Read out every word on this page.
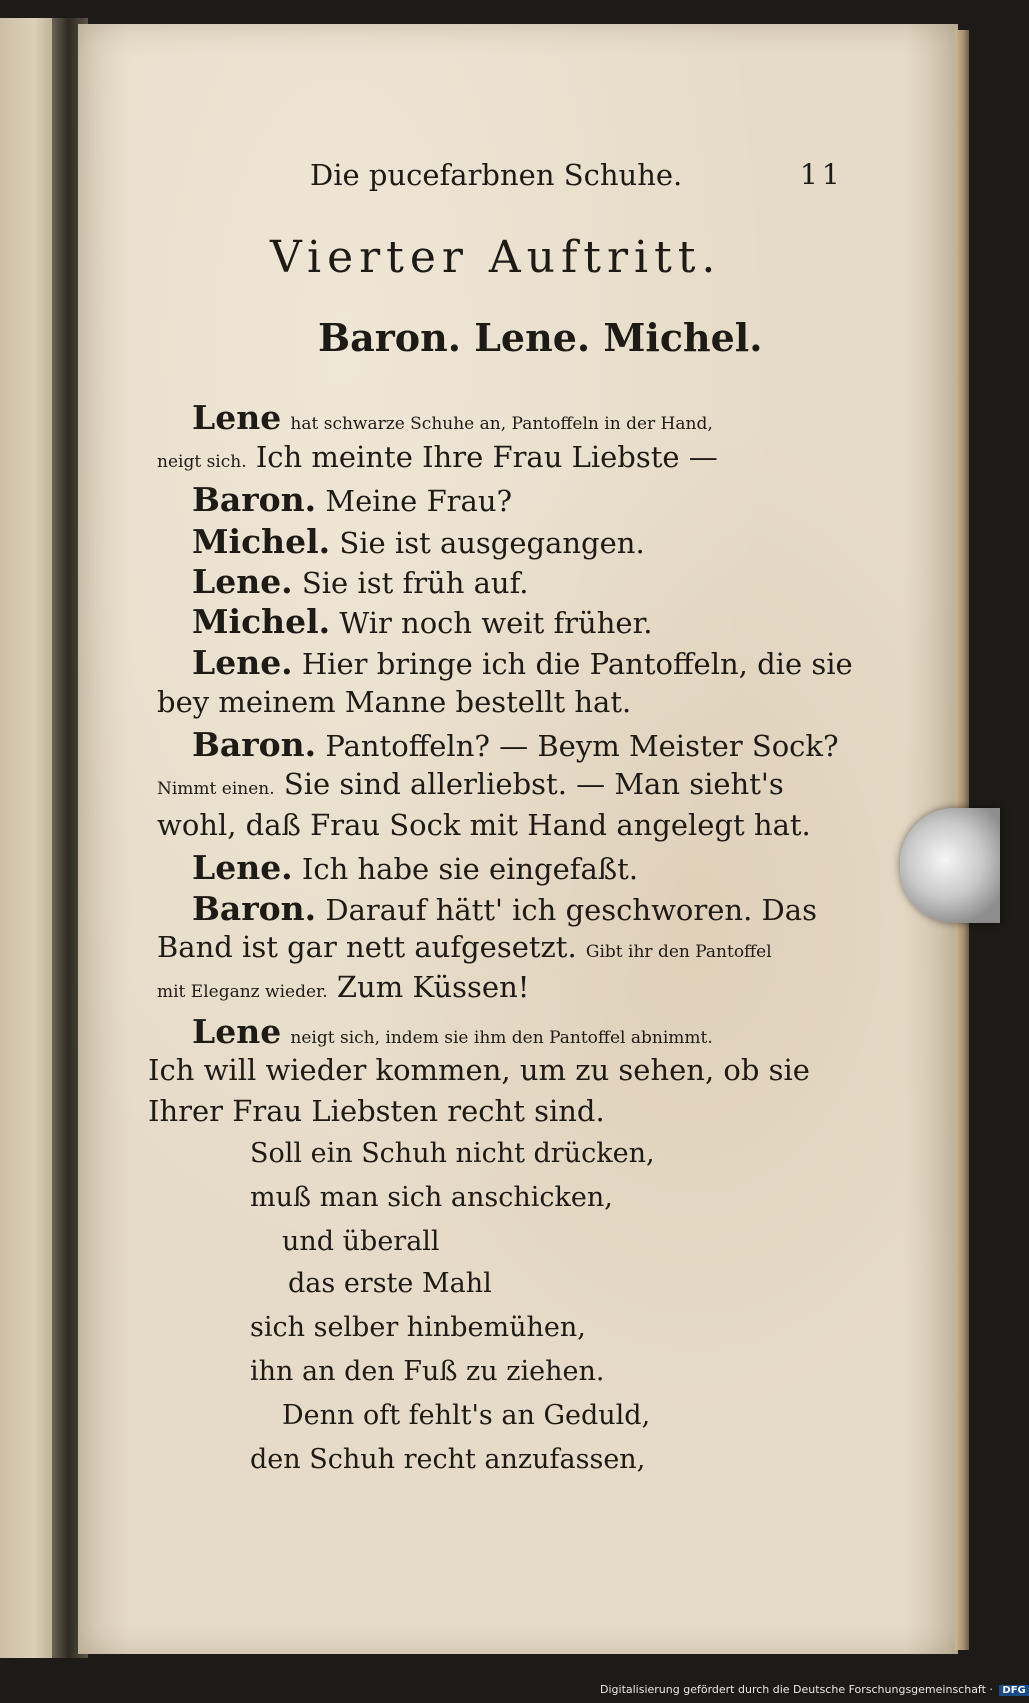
Die pucefarbnen Schuhe.	11
Vierter Auftritt.
Baron. Lene. Michel.
Lene hat schwarze Schuhe an, Pantoffeln in der Hand,
neigt sich. Ich meinte Ihre Frau Liebste —
Baron. Meine Frau?
Michel. Sie ist ausgegangen.
Lene. Sie ist früh auf.
Michel. Wir noch weit früher.
Lene. Hier bringe ich die Pantoffeln, die sie
bey meinem Manne bestellt hat.
Baron. Pantoffeln? — Beym Meister Sock?
Nimmt einen. Sie sind allerliebst. — Man sieht's
wohl, daß Frau Sock mit Hand angelegt hat.
Lene. Ich habe sie eingefaßt.
Baron. Darauf hätt' ich geschworen. Das
Band ist gar nett aufgesetzt. Gibt ihr den Pantoffel
mit Eleganz wieder. Zum Küssen!
Lene neigt sich, indem sie ihm den Pantoffel abnimmt.
Ich will wieder kommen, um zu sehen, ob sie
Ihrer Frau Liebsten recht sind.
Soll ein Schuh nicht drücken,
muß man sich anschicken,
und überall
das erste Mahl
sich selber hinbemühen,
ihn an den Fuß zu ziehen.
Denn oft fehlt's an Geduld,
den Schuh recht anzufassen,
Digitalisierung gefördert durch die Deutsche Forschungsgemeinschaft · DFG
